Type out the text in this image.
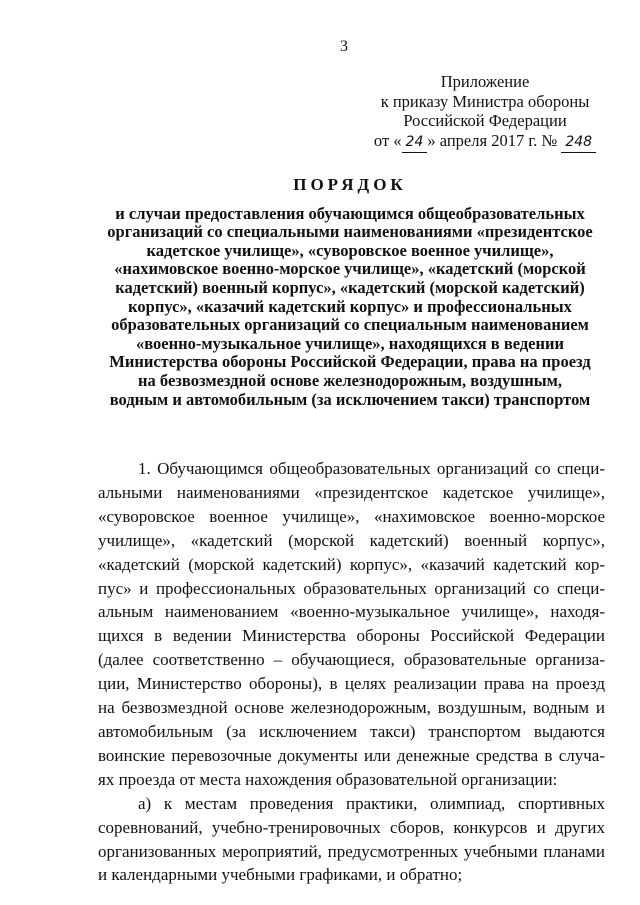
3
Приложение
к приказу Министра обороны
Российской Федерации
от « 24 » апреля 2017 г. № 248
ПОРЯДОК
и случаи предоставления обучающимся общеобразовательных
организаций со специальными наименованиями «президентское
кадетское училище», «суворовское военное училище»,
«нахимовское военно-морское училище», «кадетский (морской
кадетский) военный корпус», «кадетский (морской кадетский)
корпус», «казачий кадетский корпус» и профессиональных
образовательных организаций со специальным наименованием
«военно-музыкальное училище», находящихся в ведении
Министерства обороны Российской Федерации, права на проезд
на безвозмездной основе железнодорожным, воздушным,
водным и автомобильным (за исключением такси) транспортом
1. Обучающимся общеобразовательных организаций со специ-
альными наименованиями «президентское кадетское училище»,
«суворовское военное училище», «нахимовское военно-морское
училище», «кадетский (морской кадетский) военный корпус»,
«кадетский (морской кадетский) корпус», «казачий кадетский кор-
пус» и профессиональных образовательных организаций со специ-
альным наименованием «военно-музыкальное училище», находя-
щихся в ведении Министерства обороны Российской Федерации
(далее соответственно – обучающиеся, образовательные организа-
ции, Министерство обороны), в целях реализации права на проезд
на безвозмездной основе железнодорожным, воздушным, водным и
автомобильным (за исключением такси) транспортом выдаются
воинские перевозочные документы или денежные средства в случа-
ях проезда от места нахождения образовательной организации:
а) к местам проведения практики, олимпиад, спортивных
соревнований, учебно-тренировочных сборов, конкурсов и других
организованных мероприятий, предусмотренных учебными планами
и календарными учебными графиками, и обратно;
